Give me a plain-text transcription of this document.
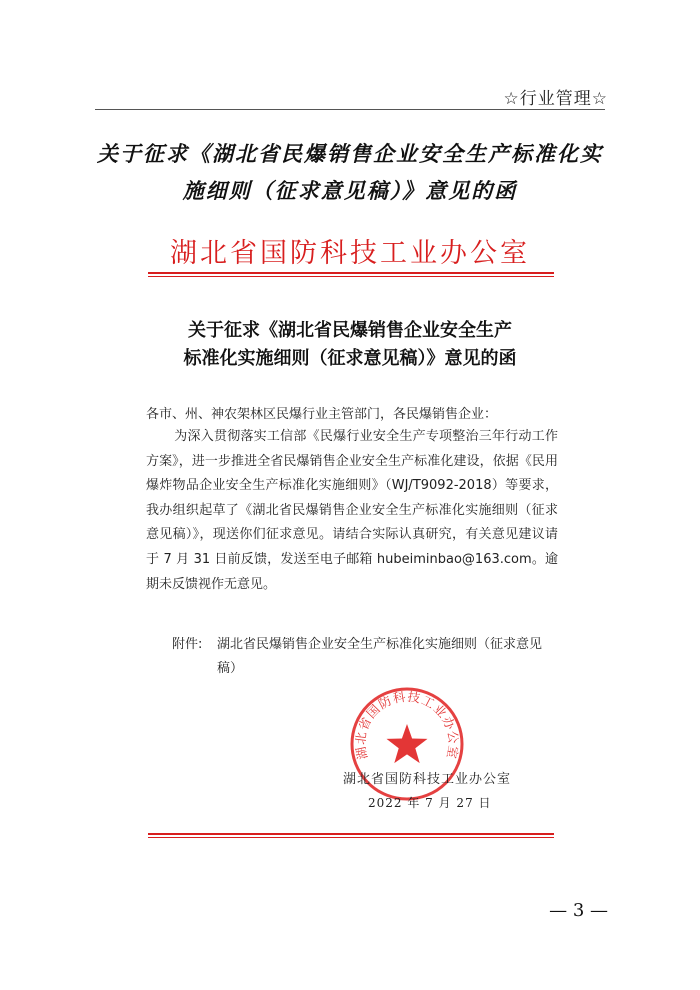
☆行业管理☆
关于征求《湖北省民爆销售企业安全生产标准化实
施细则（征求意见稿）》意见的函
湖北省国防科技工业办公室
关于征求《湖北省民爆销售企业安全生产
标准化实施细则（征求意见稿）》意见的函
各市、州、神农架林区民爆行业主管部门，各民爆销售企业：
为深入贯彻落实工信部《民爆行业安全生产专项整治三年行动工作方案》，进一步推进全省民爆销售企业安全生产标准化建设，依据《民用爆炸物品企业安全生产标准化实施细则》（WJ/T9092-2018）等要求，我办组织起草了《湖北省民爆销售企业安全生产标准化实施细则（征求意见稿）》，现送你们征求意见。请结合实际认真研究，有关意见建议请于 7 月 31 日前反馈，发送至电子邮箱 hubeiminbao@163.com。逾期未反馈视作无意见。
附件: 湖北省民爆销售企业安全生产标准化实施细则（征求意见稿）
湖北省国防科技工业办公室
湖北省国防科技工业办公室
2022 年 7 月 27 日
— 3 —
